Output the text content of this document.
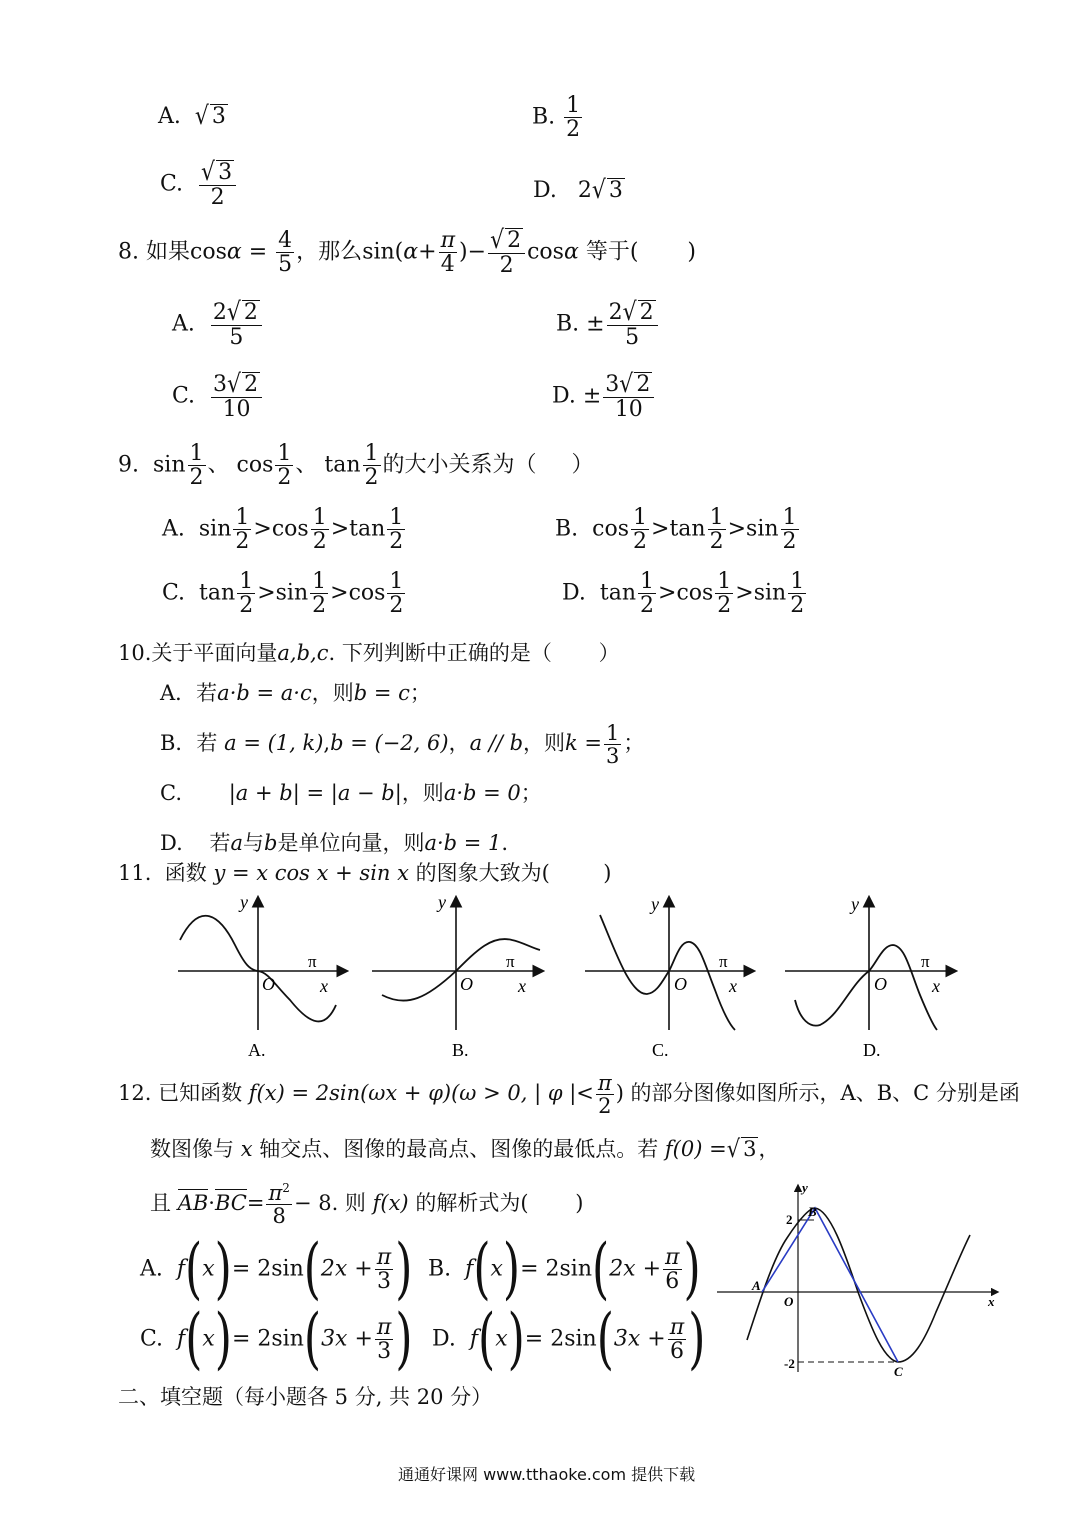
A. √ 3	B. $\frac{1}{2}$
C. $\frac{√ 3}{2}$	D. 2√ 3
8. 如果$\cos\alpha = \frac{4}{5}$ ，那么$\sin(\alpha+ \frac{\pi}{4}$ )− $\frac{√ 2}{2}$ cosα 等于( )
A. $\frac{2√ 2}{5}$	B. ± $\frac{2√ 2}{5}$
C. $\frac{3√ 2}{10}$	D. ± $\frac{3√ 2}{10}$
9. $\sin \frac{1}{2}$ 、 $\cos \frac{1}{2}$ 、 $\tan \frac{1}{2}$ 的大小关系为（ ）
A. $\sin \frac{1}{2} >\cos \frac{1}{2} >\tan \frac{1}{2}$	B. $\cos \frac{1}{2} >\tan \frac{1}{2} >\sin \frac{1}{2}$
C. $\tan \frac{1}{2} >\sin \frac{1}{2} >\cos \frac{1}{2}$	D. $\tan \frac{1}{2} >\cos \frac{1}{2} >\sin \frac{1}{2}$
10.关于平面向量a,b,c. 下列判断中正确的是（ ）
A．若a·b = a·c，则b = c；
B．若 a = (1, k),b = (−2, 6)，a // b，则$k = \frac{1}{3}$ ；
C. |a + b| = |a − b|，则a·b = 0；
D. 若a与b是单位向量，则a·b = 1.
11. 函数 y = x cos x + sin x 的图象大致为(	)
y
O
π
x
y
O
π
x
y
O
π
x
y
O
π
x
A.	B.	C.	D.
12. 已知函数 f(x) = 2sin(ωx + φ)(ω > 0, | φ |< $\frac{\pi}{2}$ ) 的部分图像如图所示，A、B、C 分别是函
数图像与 x 轴交点、图像的最高点、图像的最低点。若 f(0) =√ 3，
且 $AB\cdot BC= \frac{\pi^2}{8} - 8$. 则 f(x) 的解析式为( )
A. $f(x)= 2\sin(2x + \frac{\pi}{3}$ ) B. $f(x)= 2\sin(2x + \frac{\pi}{6}$ )
C. $f(x)= 2\sin(3x + \frac{\pi}{3}$ ) D. $f(x)= 2\sin(3x + \frac{\pi}{6}$ )
2
-2
y
x
O
A
B
C
二、填空题（每小题各 5 分, 共 20 分）
通通好课网 www.tthaoke.com 提供下载
